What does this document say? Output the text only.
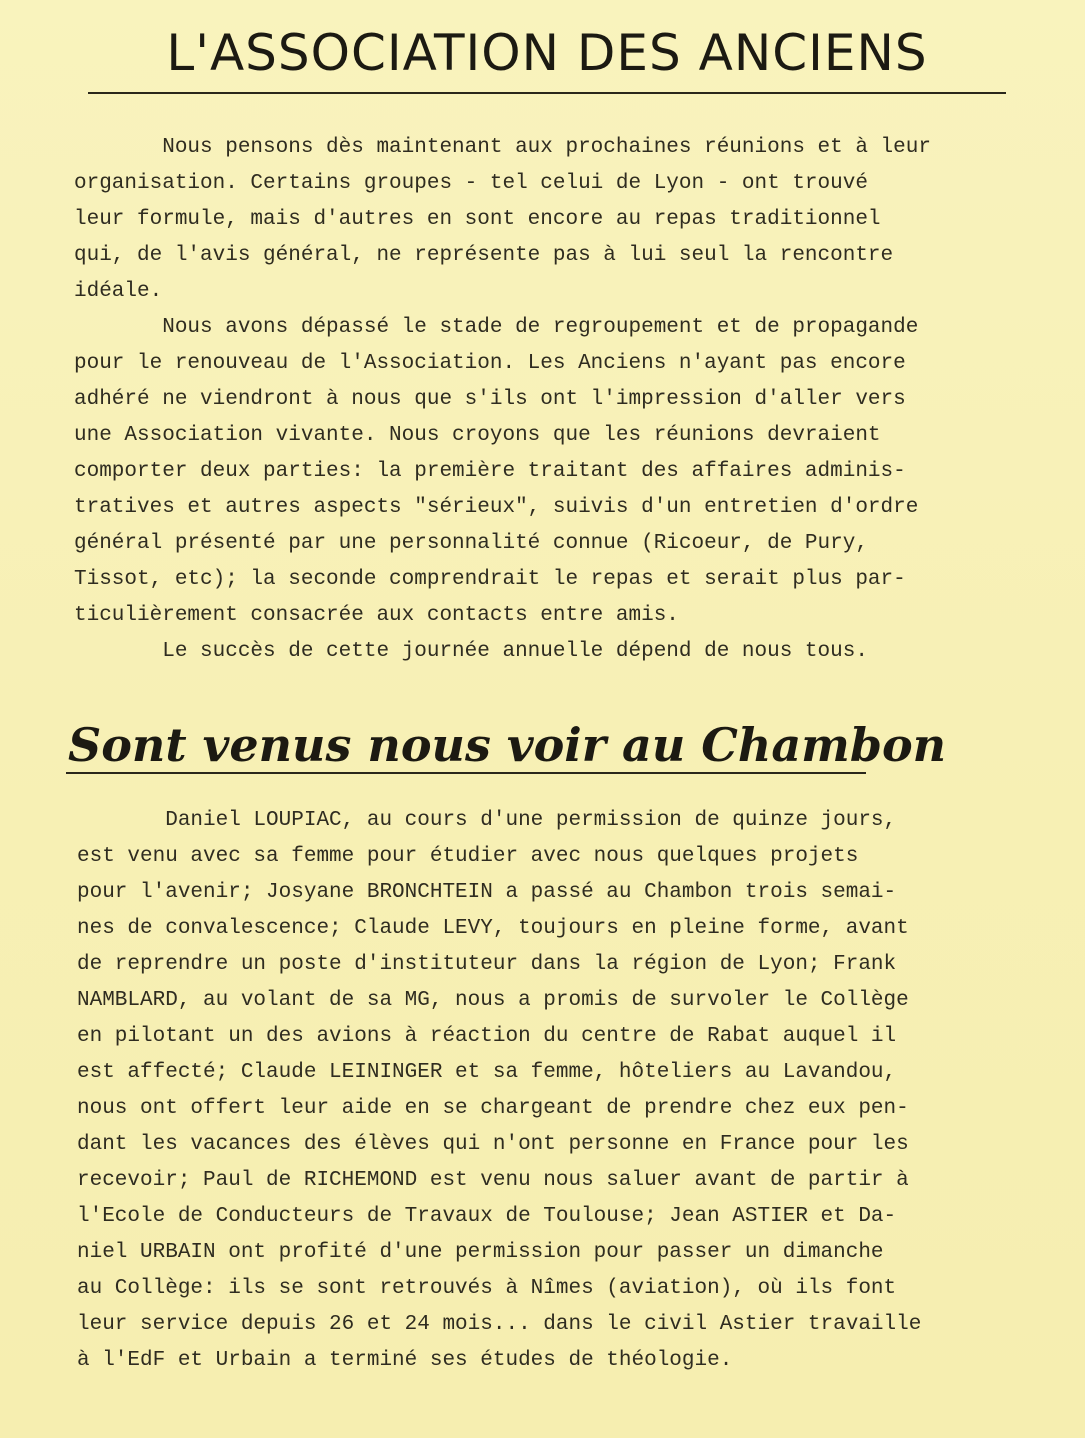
L'ASSOCIATION DES ANCIENS
Nous pensons dès maintenant aux prochaines réunions et à leur
organisation. Certains groupes - tel celui de Lyon - ont trouvé
leur formule, mais d'autres en sont encore au repas traditionnel
qui, de l'avis général, ne représente pas à lui seul la rencontre
idéale.
Nous avons dépassé le stade de regroupement et de propagande
pour le renouveau de l'Association. Les Anciens n'ayant pas encore
adhéré ne viendront à nous que s'ils ont l'impression d'aller vers
une Association vivante. Nous croyons que les réunions devraient
comporter deux parties: la première traitant des affaires adminis-
tratives et autres aspects "sérieux", suivis d'un entretien d'ordre
général présenté par une personnalité connue (Ricoeur, de Pury,
Tissot, etc); la seconde comprendrait le repas et serait plus par-
ticulièrement consacrée aux contacts entre amis.
Le succès de cette journée annuelle dépend de nous tous.
Sont venus nous voir au Chambon
Daniel LOUPIAC, au cours d'une permission de quinze jours,
est venu avec sa femme pour étudier avec nous quelques projets
pour l'avenir; Josyane BRONCHTEIN a passé au Chambon trois semai-
nes de convalescence; Claude LEVY, toujours en pleine forme, avant
de reprendre un poste d'instituteur dans la région de Lyon; Frank
NAMBLARD, au volant de sa MG, nous a promis de survoler le Collège
en pilotant un des avions à réaction du centre de Rabat auquel il
est affecté; Claude LEININGER et sa femme, hôteliers au Lavandou,
nous ont offert leur aide en se chargeant de prendre chez eux pen-
dant les vacances des élèves qui n'ont personne en France pour les
recevoir; Paul de RICHEMOND est venu nous saluer avant de partir à
l'Ecole de Conducteurs de Travaux de Toulouse; Jean ASTIER et Da-
niel URBAIN ont profité d'une permission pour passer un dimanche
au Collège: ils se sont retrouvés à Nîmes (aviation), où ils font
leur service depuis 26 et 24 mois... dans le civil Astier travaille
à l'EdF et Urbain a terminé ses études de théologie.
